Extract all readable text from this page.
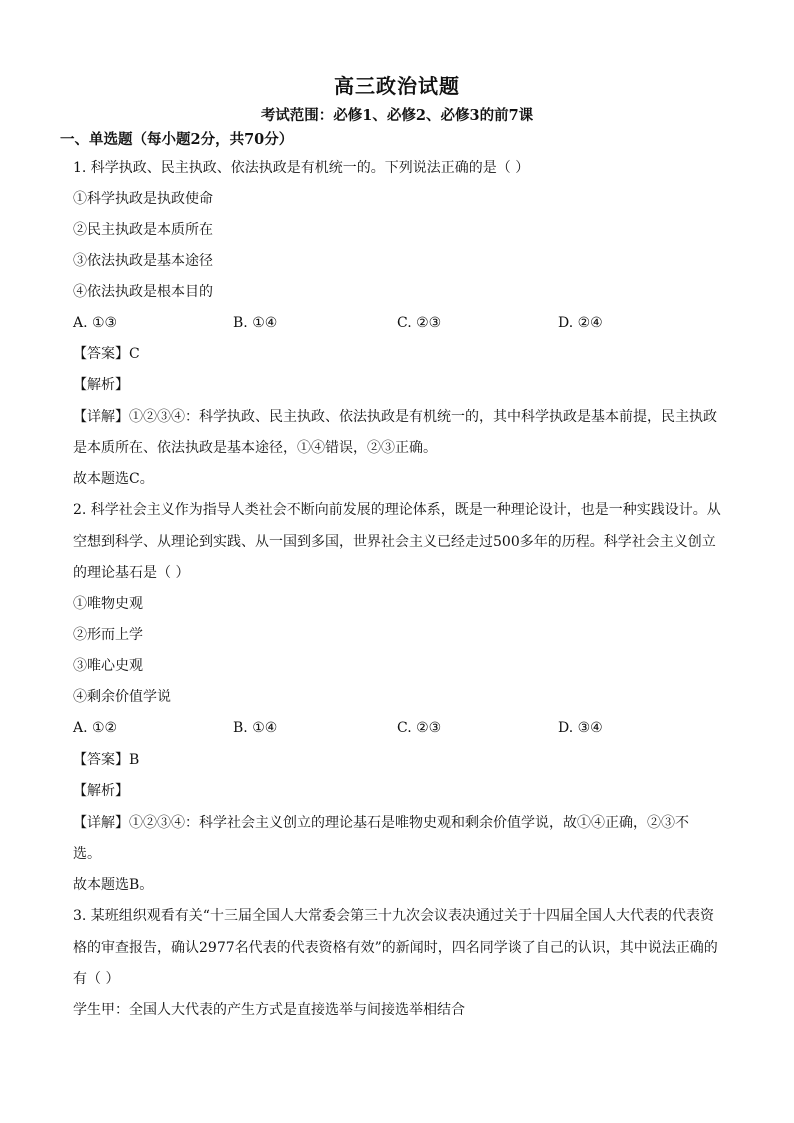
高三政治试题
考试范围：必修1、必修2、必修3的前7课
一、单选题（每小题2分，共70分）
1. 科学执政、民主执政、依法执政是有机统一的。下列说法正确的是（ ）
①科学执政是执政使命
②民主执政是本质所在
③依法执政是基本途径
④依法执政是根本目的
A. ①③	B. ①④	C. ②③	D. ②④
【答案】C
【解析】
【详解】①②③④：科学执政、民主执政、依法执政是有机统一的，其中科学执政是基本前提，民主执政
是本质所在、依法执政是基本途径，①④错误，②③正确。
故本题选C。
2. 科学社会主义作为指导人类社会不断向前发展的理论体系，既是一种理论设计，也是一种实践设计。从
空想到科学、从理论到实践、从一国到多国，世界社会主义已经走过500多年的历程。科学社会主义创立
的理论基石是（ ）
①唯物史观
②形而上学
③唯心史观
④剩余价值学说
A. ①②	B. ①④	C. ②③	D. ③④
【答案】B
【解析】
【详解】①②③④：科学社会主义创立的理论基石是唯物史观和剩余价值学说，故①④正确，②③不
选。
故本题选B。
3. 某班组织观看有关“十三届全国人大常委会第三十九次会议表决通过关于十四届全国人大代表的代表资
格的审查报告，确认2977名代表的代表资格有效”的新闻时，四名同学谈了自己的认识，其中说法正确的
有（ ）
学生甲：全国人大代表的产生方式是直接选举与间接选举相结合
